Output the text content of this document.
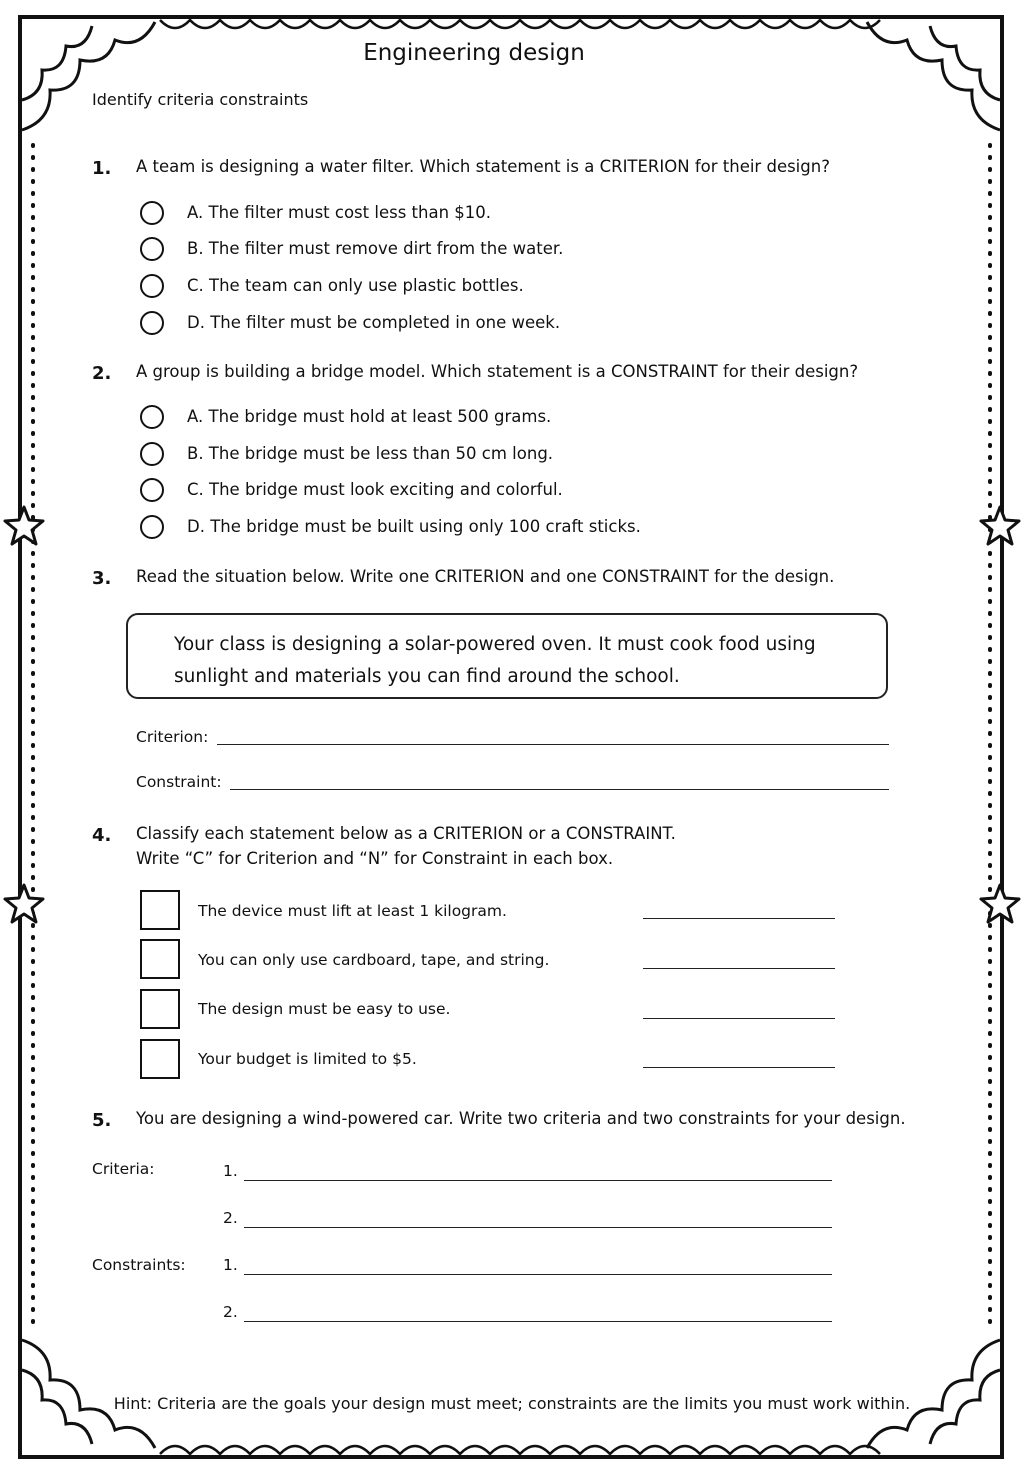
Engineering design
Identify criteria constraints
1. A team is designing a water filter. Which statement is a CRITERION for their design?
A. The filter must cost less than $10.
B. The filter must remove dirt from the water.
C. The team can only use plastic bottles.
D. The filter must be completed in one week.
2. A group is building a bridge model. Which statement is a CONSTRAINT for their design?
A. The bridge must hold at least 500 grams.
B. The bridge must be less than 50 cm long.
C. The bridge must look exciting and colorful.
D. The bridge must be built using only 100 craft sticks.
3. Read the situation below. Write one CRITERION and one CONSTRAINT for the design.
Your class is designing a solar-powered oven. It must cook food using
sunlight and materials you can find around the school.
Criterion:
Constraint:
4. Classify each statement below as a CRITERION or a CONSTRAINT.
Write “C” for Criterion and “N” for Constraint in each box.
The device must lift at least 1 kilogram.
You can only use cardboard, tape, and string.
The design must be easy to use.
Your budget is limited to $5.
5. You are designing a wind-powered car. Write two criteria and two constraints for your design.
Criteria:	1.
2.
Constraints: 1.
2.
Hint: Criteria are the goals your design must meet; constraints are the limits you must work within.
